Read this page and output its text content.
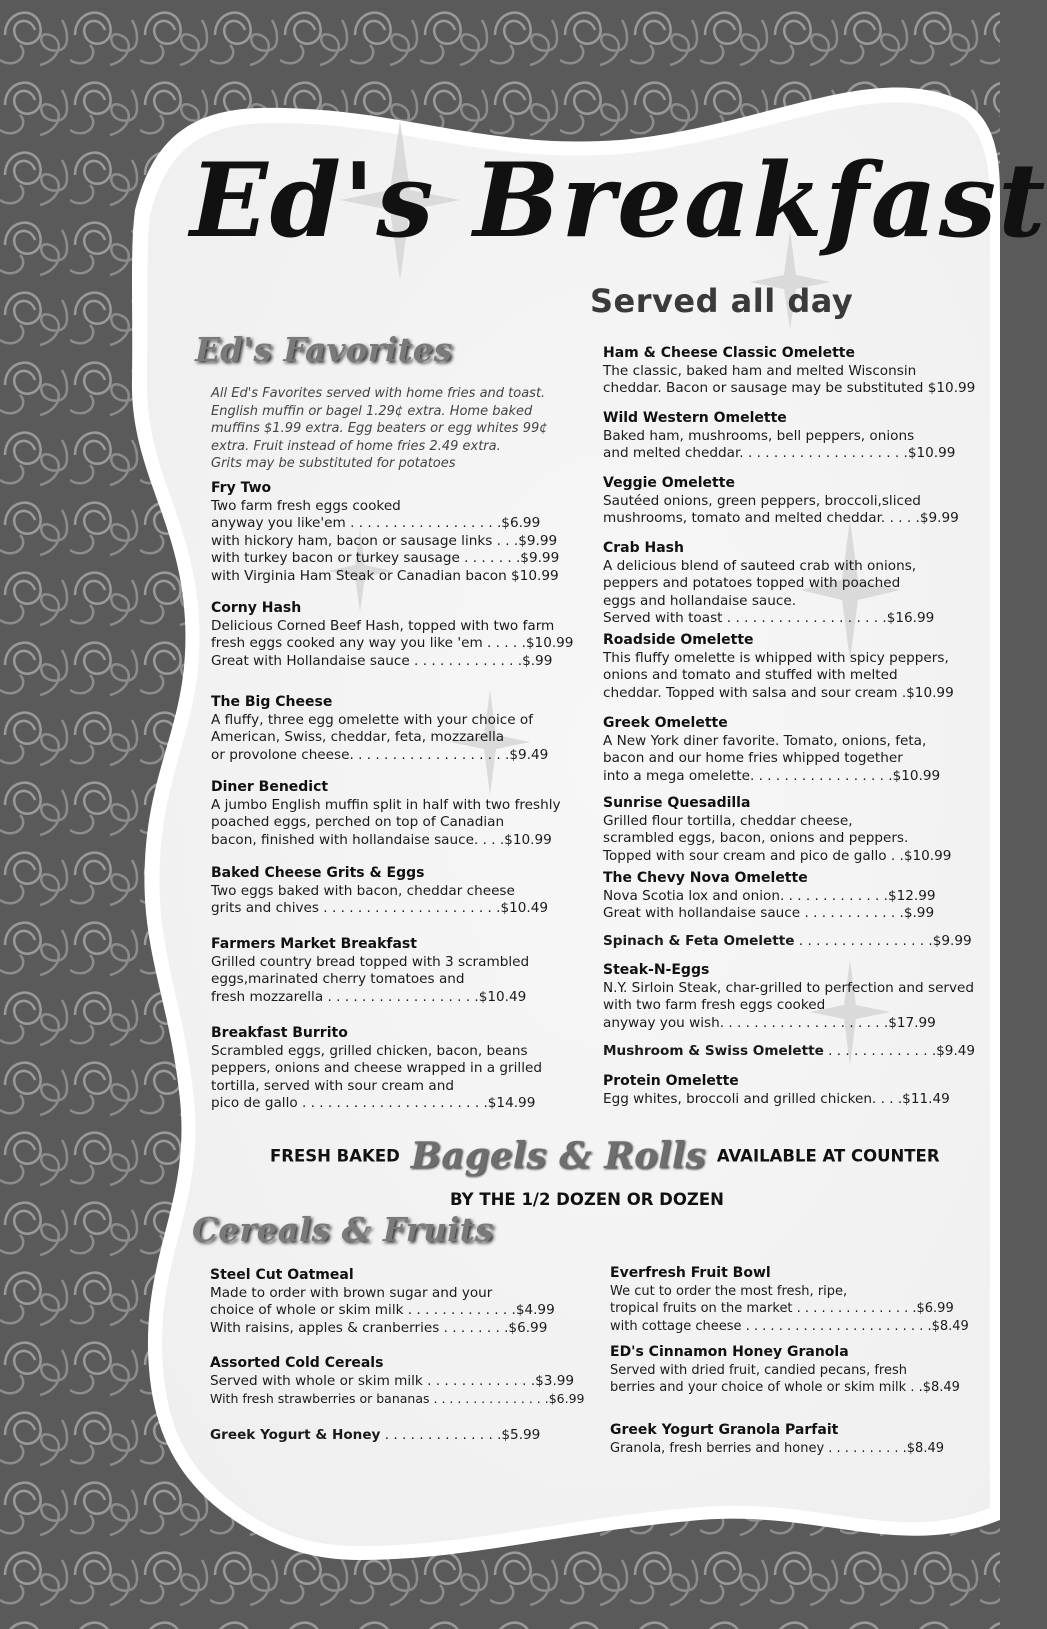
Ed's Breakfast
Served all day
Ed's Favorites
All Ed's Favorites served with home fries and toast.
English muffin or bagel 1.29¢ extra. Home baked
muffins $1.99 extra. Egg beaters or egg whites 99¢
extra. Fruit instead of home fries 2.49 extra.
Grits may be substituted for potatoes
Fry Two
Two farm fresh eggs cooked
anyway you like'em . . . . . . . . . . . . . . . . . .$6.99
with hickory ham, bacon or sausage links . . .$9.99
with turkey bacon or turkey sausage . . . . . . .$9.99
with Virginia Ham Steak or Canadian bacon $10.99
Corny Hash
Delicious Corned Beef Hash, topped with two farm
fresh eggs cooked any way you like 'em . . . . .$10.99
Great with Hollandaise sauce . . . . . . . . . . . . .$.99
The Big Cheese
A fluffy, three egg omelette with your choice of
American, Swiss, cheddar, feta, mozzarella
or provolone cheese. . . . . . . . . . . . . . . . . . .$9.49
Diner Benedict
A jumbo English muffin split in half with two freshly
poached eggs, perched on top of Canadian
bacon, finished with hollandaise sauce. . . .$10.99
Baked Cheese Grits & Eggs
Two eggs baked with bacon, cheddar cheese
grits and chives . . . . . . . . . . . . . . . . . . . . .$10.49
Farmers Market Breakfast
Grilled country bread topped with 3 scrambled
eggs,marinated cherry tomatoes and
fresh mozzarella . . . . . . . . . . . . . . . . . .$10.49
Breakfast Burrito
Scrambled eggs, grilled chicken, bacon, beans
peppers, onions and cheese wrapped in a grilled
tortilla, served with sour cream and
pico de gallo . . . . . . . . . . . . . . . . . . . . . .$14.99
Ham & Cheese Classic Omelette
The classic, baked ham and melted Wisconsin
cheddar. Bacon or sausage may be substituted $10.99
Wild Western Omelette
Baked ham, mushrooms, bell peppers, onions
and melted cheddar. . . . . . . . . . . . . . . . . . . .$10.99
Veggie Omelette
Sautéed onions, green peppers, broccoli,sliced
mushrooms, tomato and melted cheddar. . . . .$9.99
Crab Hash
A delicious blend of sauteed crab with onions,
peppers and potatoes topped with poached
eggs and hollandaise sauce.
Served with toast . . . . . . . . . . . . . . . . . . .$16.99
Roadside Omelette
This fluffy omelette is whipped with spicy peppers,
onions and tomato and stuffed with melted
cheddar. Topped with salsa and sour cream .$10.99
Greek Omelette
A New York diner favorite. Tomato, onions, feta,
bacon and our home fries whipped together
into a mega omelette. . . . . . . . . . . . . . . . .$10.99
Sunrise Quesadilla
Grilled flour tortilla, cheddar cheese,
scrambled eggs, bacon, onions and peppers.
Topped with sour cream and pico de gallo . .$10.99
The Chevy Nova Omelette
Nova Scotia lox and onion. . . . . . . . . . . . .$12.99
Great with hollandaise sauce . . . . . . . . . . . .$.99
Spinach & Feta Omelette . . . . . . . . . . . . . . . .$9.99
Steak-N-Eggs
N.Y. Sirloin Steak, char-grilled to perfection and served
with two farm fresh eggs cooked
anyway you wish. . . . . . . . . . . . . . . . . . . .$17.99
Mushroom & Swiss Omelette . . . . . . . . . . . . .$9.49
Protein Omelette
Egg whites, broccoli and grilled chicken. . . .$11.49
FRESH BAKED Bagels & Rolls AVAILABLE AT COUNTER
BY THE 1/2 DOZEN OR DOZEN
Cereals & Fruits
Steel Cut Oatmeal
Made to order with brown sugar and your
choice of whole or skim milk . . . . . . . . . . . . .$4.99
With raisins, apples & cranberries . . . . . . . .$6.99
Assorted Cold Cereals
Served with whole or skim milk . . . . . . . . . . . . .$3.99
With fresh strawberries or bananas . . . . . . . . . . . . . . .$6.99
Greek Yogurt & Honey . . . . . . . . . . . . . .$5.99
Everfresh Fruit Bowl
We cut to order the most fresh, ripe,
tropical fruits on the market . . . . . . . . . . . . . . .$6.99
with cottage cheese . . . . . . . . . . . . . . . . . . . . . . .$8.49
ED's Cinnamon Honey Granola
Served with dried fruit, candied pecans, fresh
berries and your choice of whole or skim milk . .$8.49
Greek Yogurt Granola Parfait
Granola, fresh berries and honey . . . . . . . . . .$8.49
